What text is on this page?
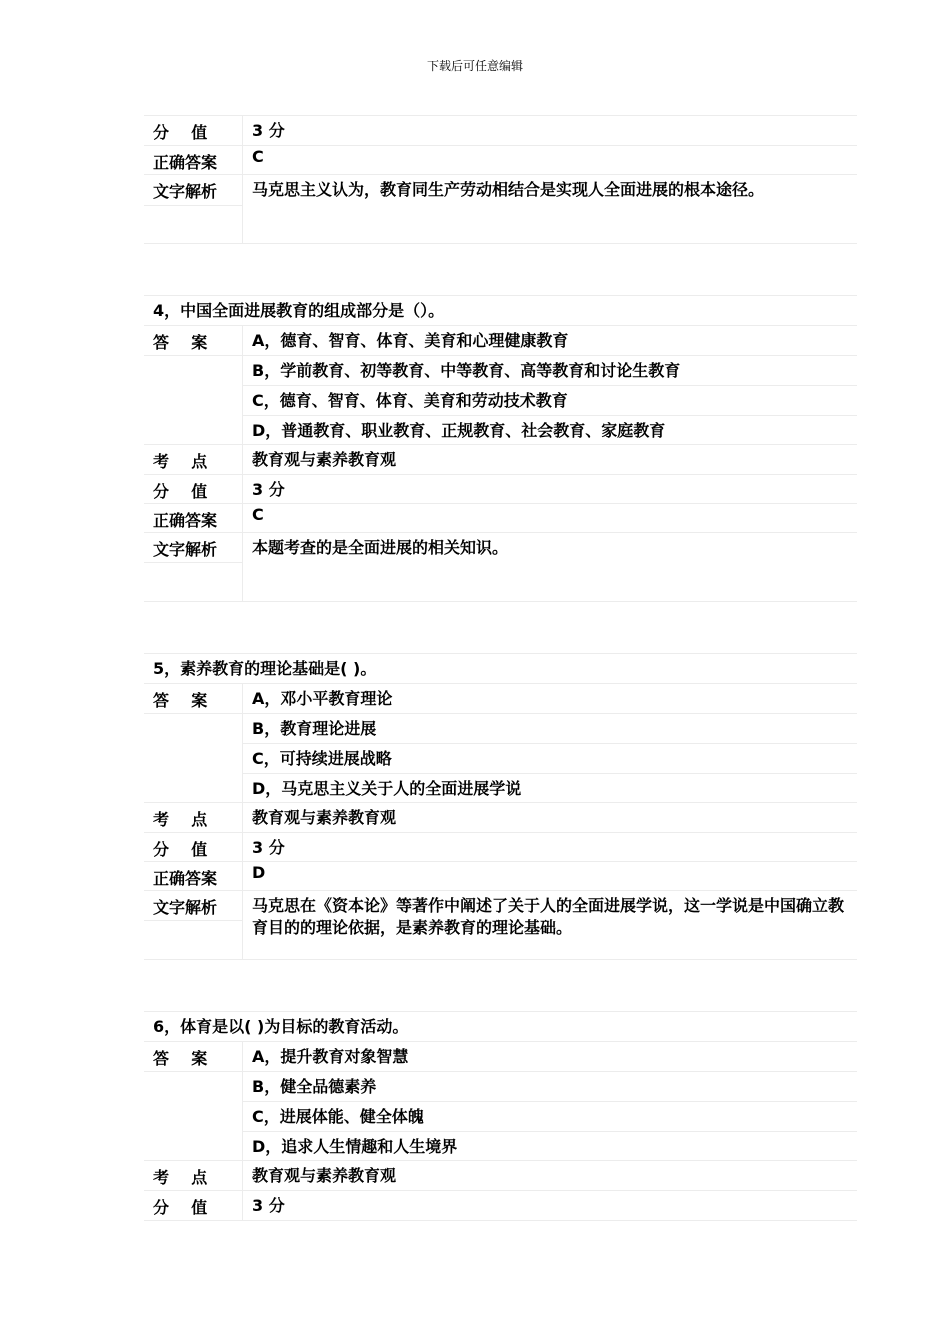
下载后可任意编辑
分    值	3 分
正确答案	C
文字解析	马克思主义认为，教育同生产劳动相结合是实现人全面进展的根本途径。
4，中国全面进展教育的组成部分是（）。
答    案	A，德育、智育、体育、美育和心理健康教育
B，学前教育、初等教育、中等教育、高等教育和讨论生教育
C，德育、智育、体育、美育和劳动技术教育
D，普通教育、职业教育、正规教育、社会教育、家庭教育
考    点	教育观与素养教育观
分    值	3 分
正确答案	C
文字解析	本题考查的是全面进展的相关知识。
5，素养教育的理论基础是( )。
答    案	A，邓小平教育理论
B，教育理论进展
C，可持续进展战略
D，马克思主义关于人的全面进展学说
考    点	教育观与素养教育观
分    值	3 分
正确答案	D
文字解析	马克思在《资本论》等著作中阐述了关于人的全面进展学说，这一学说是中国确立教育目的的理论依据，是素养教育的理论基础。
6，体育是以( )为目标的教育活动。
答    案	A，提升教育对象智慧
B，健全品德素养
C，进展体能、健全体魄
D，追求人生情趣和人生境界
考    点	教育观与素养教育观
分    值	3 分
